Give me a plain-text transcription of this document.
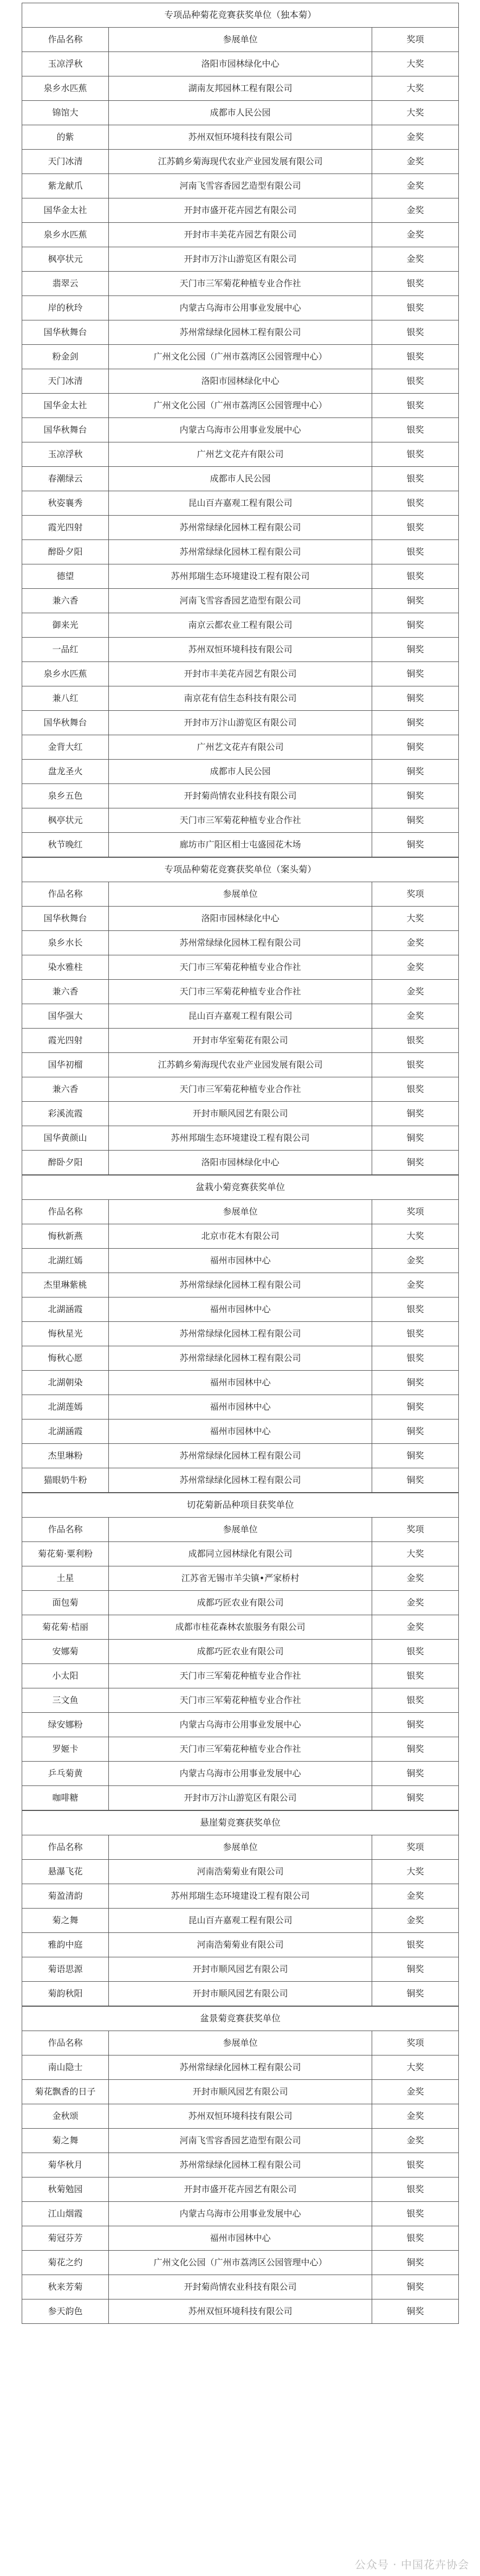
专项品种菊花竞赛获奖单位（独本菊）		
作品名称	参展单位	奖项
玉凉浮秋	洛阳市园林绿化中心	大奖
泉乡水匹蕉	湖南友邦园林工程有限公司	大奖
锦馆大	成都市人民公园	大奖
的紫	苏州双恒环境科技有限公司	金奖
天门冰清	江苏鹤乡菊海现代农业产业园发展有限公司	金奖
紫龙献爪	河南飞雪容香园艺造型有限公司	金奖
国华金太社	开封市盛开花卉园艺有限公司	金奖
泉乡水匹蕉	开封市丰美花卉园艺有限公司	金奖
枫亭状元	开封市万汴山游览区有限公司	金奖
翡翠云	天门市三军菊花种植专业合作社	银奖
岸的秋玲	内蒙古乌海市公用事业发展中心	银奖
国华秋舞台	苏州常绿绿化园林工程有限公司	银奖
粉金剑	广州文化公园（广州市荔湾区公园管理中心）	银奖
天门冰清	洛阳市园林绿化中心	银奖
国华金太社	广州文化公园（广州市荔湾区公园管理中心）	银奖
国华秋舞台	内蒙古乌海市公用事业发展中心	银奖
玉凉浮秋	广州艺文花卉有限公司	银奖
春潮绿云	成都市人民公园	银奖
秋姿襄秀	昆山百卉嘉观工程有限公司	银奖
霞光四射	苏州常绿绿化园林工程有限公司	银奖
醉卧夕阳	苏州常绿绿化园林工程有限公司	银奖
德望	苏州邦瑞生态环境建设工程有限公司	银奖
兼六香	河南飞雪容香园艺造型有限公司	铜奖
御来光	南京云都农业工程有限公司	铜奖
一品红	苏州双恒环境科技有限公司	铜奖
泉乡水匹蕉	开封市丰美花卉园艺有限公司	铜奖
兼八红	南京花有信生态科技有限公司	铜奖
国华秋舞台	开封市万汴山游览区有限公司	铜奖
金背大红	广州艺文花卉有限公司	铜奖
盘龙圣火	成都市人民公园	铜奖
泉乡五色	开封菊尚情农业科技有限公司	铜奖
枫亭状元	天门市三军菊花种植专业合作社	铜奖
秋节晚红	廊坊市广阳区相士屯盛园花木场	铜奖
专项品种菊花竞赛获奖单位（案头菊）		
作品名称	参展单位	奖项
国华秋舞台	洛阳市园林绿化中心	大奖
泉乡水长	苏州常绿绿化园林工程有限公司	金奖
染水雅柱	天门市三军菊花种植专业合作社	金奖
兼六香	天门市三军菊花种植专业合作社	金奖
国华强大	昆山百卉嘉观工程有限公司	金奖
霞光四射	开封市华室菊花有限公司	银奖
国华初榴	江苏鹤乡菊海现代农业产业园发展有限公司	银奖
兼六香	天门市三军菊花种植专业合作社	银奖
彩溪流霞	开封市顺风园艺有限公司	铜奖
国华黄颜山	苏州邦瑞生态环境建设工程有限公司	铜奖
醉卧夕阳	洛阳市园林绿化中心	铜奖
盆栽小菊竞赛获奖单位		
作品名称	参展单位	奖项
悔秋新燕	北京市花木有限公司	大奖
北湖红嫣	福州市园林中心	金奖
杰里琳紫桃	苏州常绿绿化园林工程有限公司	金奖
北湖涵霞	福州市园林中心	银奖
悔秋星光	苏州常绿绿化园林工程有限公司	银奖
悔秋心愿	苏州常绿绿化园林工程有限公司	银奖
北湖朝染	福州市园林中心	铜奖
北湖莲嫣	福州市园林中心	铜奖
北湖涵霞	福州市园林中心	铜奖
杰里琳粉	苏州常绿绿化园林工程有限公司	铜奖
猫眼奶牛粉	苏州常绿绿化园林工程有限公司	铜奖
切花菊新品种项目获奖单位		
作品名称	参展单位	奖项
菊花菊·粟利粉	成都同立园林绿化有限公司	大奖
土星	江苏省无锡市羊尖镇•严家桥村	金奖
面包菊	成都巧匠农业有限公司	金奖
菊花菊·桔丽	成都市桂花森林农旅服务有限公司	金奖
安娜菊	成都巧匠农业有限公司	银奖
小太阳	天门市三军菊花种植专业合作社	银奖
三文鱼	天门市三军菊花种植专业合作社	银奖
绿安娜粉	内蒙古乌海市公用事业发展中心	铜奖
罗姬卡	天门市三军菊花种植专业合作社	铜奖
乒乓菊黄	内蒙古乌海市公用事业发展中心	铜奖
咖啡糖	开封市万汴山游览区有限公司	铜奖
悬崖菊竞赛获奖单位		
作品名称	参展单位	奖项
悬瀑飞花	河南浩菊菊业有限公司	大奖
菊盈清韵	苏州邦瑞生态环境建设工程有限公司	金奖
菊之舞	昆山百卉嘉观工程有限公司	金奖
雅韵中庭	河南浩菊菊业有限公司	银奖
菊语思源	开封市顺风园艺有限公司	铜奖
菊韵秋阳	开封市顺风园艺有限公司	铜奖
盆景菊竞赛获奖单位		
作品名称	参展单位	奖项
南山隐士	苏州常绿绿化园林工程有限公司	大奖
菊花飘香的日子	开封市顺风园艺有限公司	金奖
金秋颂	苏州双恒环境科技有限公司	金奖
菊之舞	河南飞雪容香园艺造型有限公司	金奖
菊华秋月	苏州常绿绿化园林工程有限公司	银奖
秋菊勉园	开封市盛开花卉园艺有限公司	银奖
江山烟霞	内蒙古乌海市公用事业发展中心	银奖
菊冠芬芳	福州市园林中心	银奖
菊花之约	广州文化公园（广州市荔湾区公园管理中心）	铜奖
秋来芳菊	开封菊尚情农业科技有限公司	铜奖
参天韵色	苏州双恒环境科技有限公司	铜奖
公众号 · 中国花卉协会
